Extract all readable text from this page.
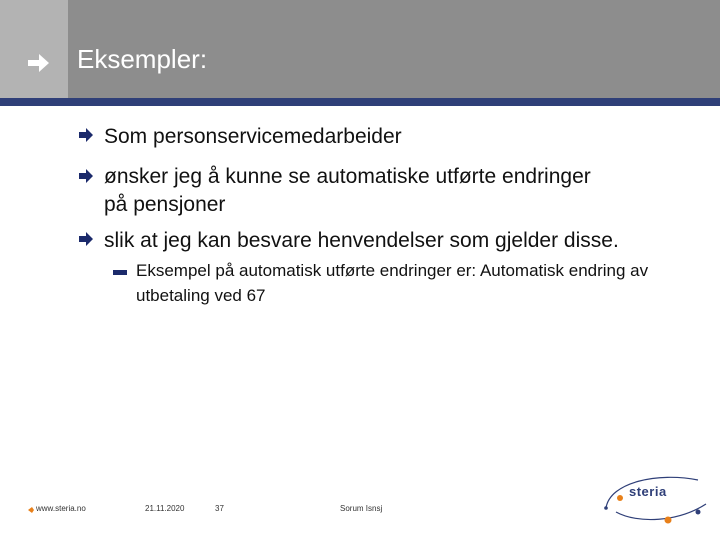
Eksempler:
Som personservicemedarbeider
ønsker jeg å kunne se automatiske utførte endringer
på pensjoner
slik at jeg kan besvare henvendelser som gjelder disse.
Eksempel på automatisk utførte endringer er: Automatisk endring av utbetaling ved 67
www.steria.no	21.11.2020	37	Sorum Isnsj
steria
